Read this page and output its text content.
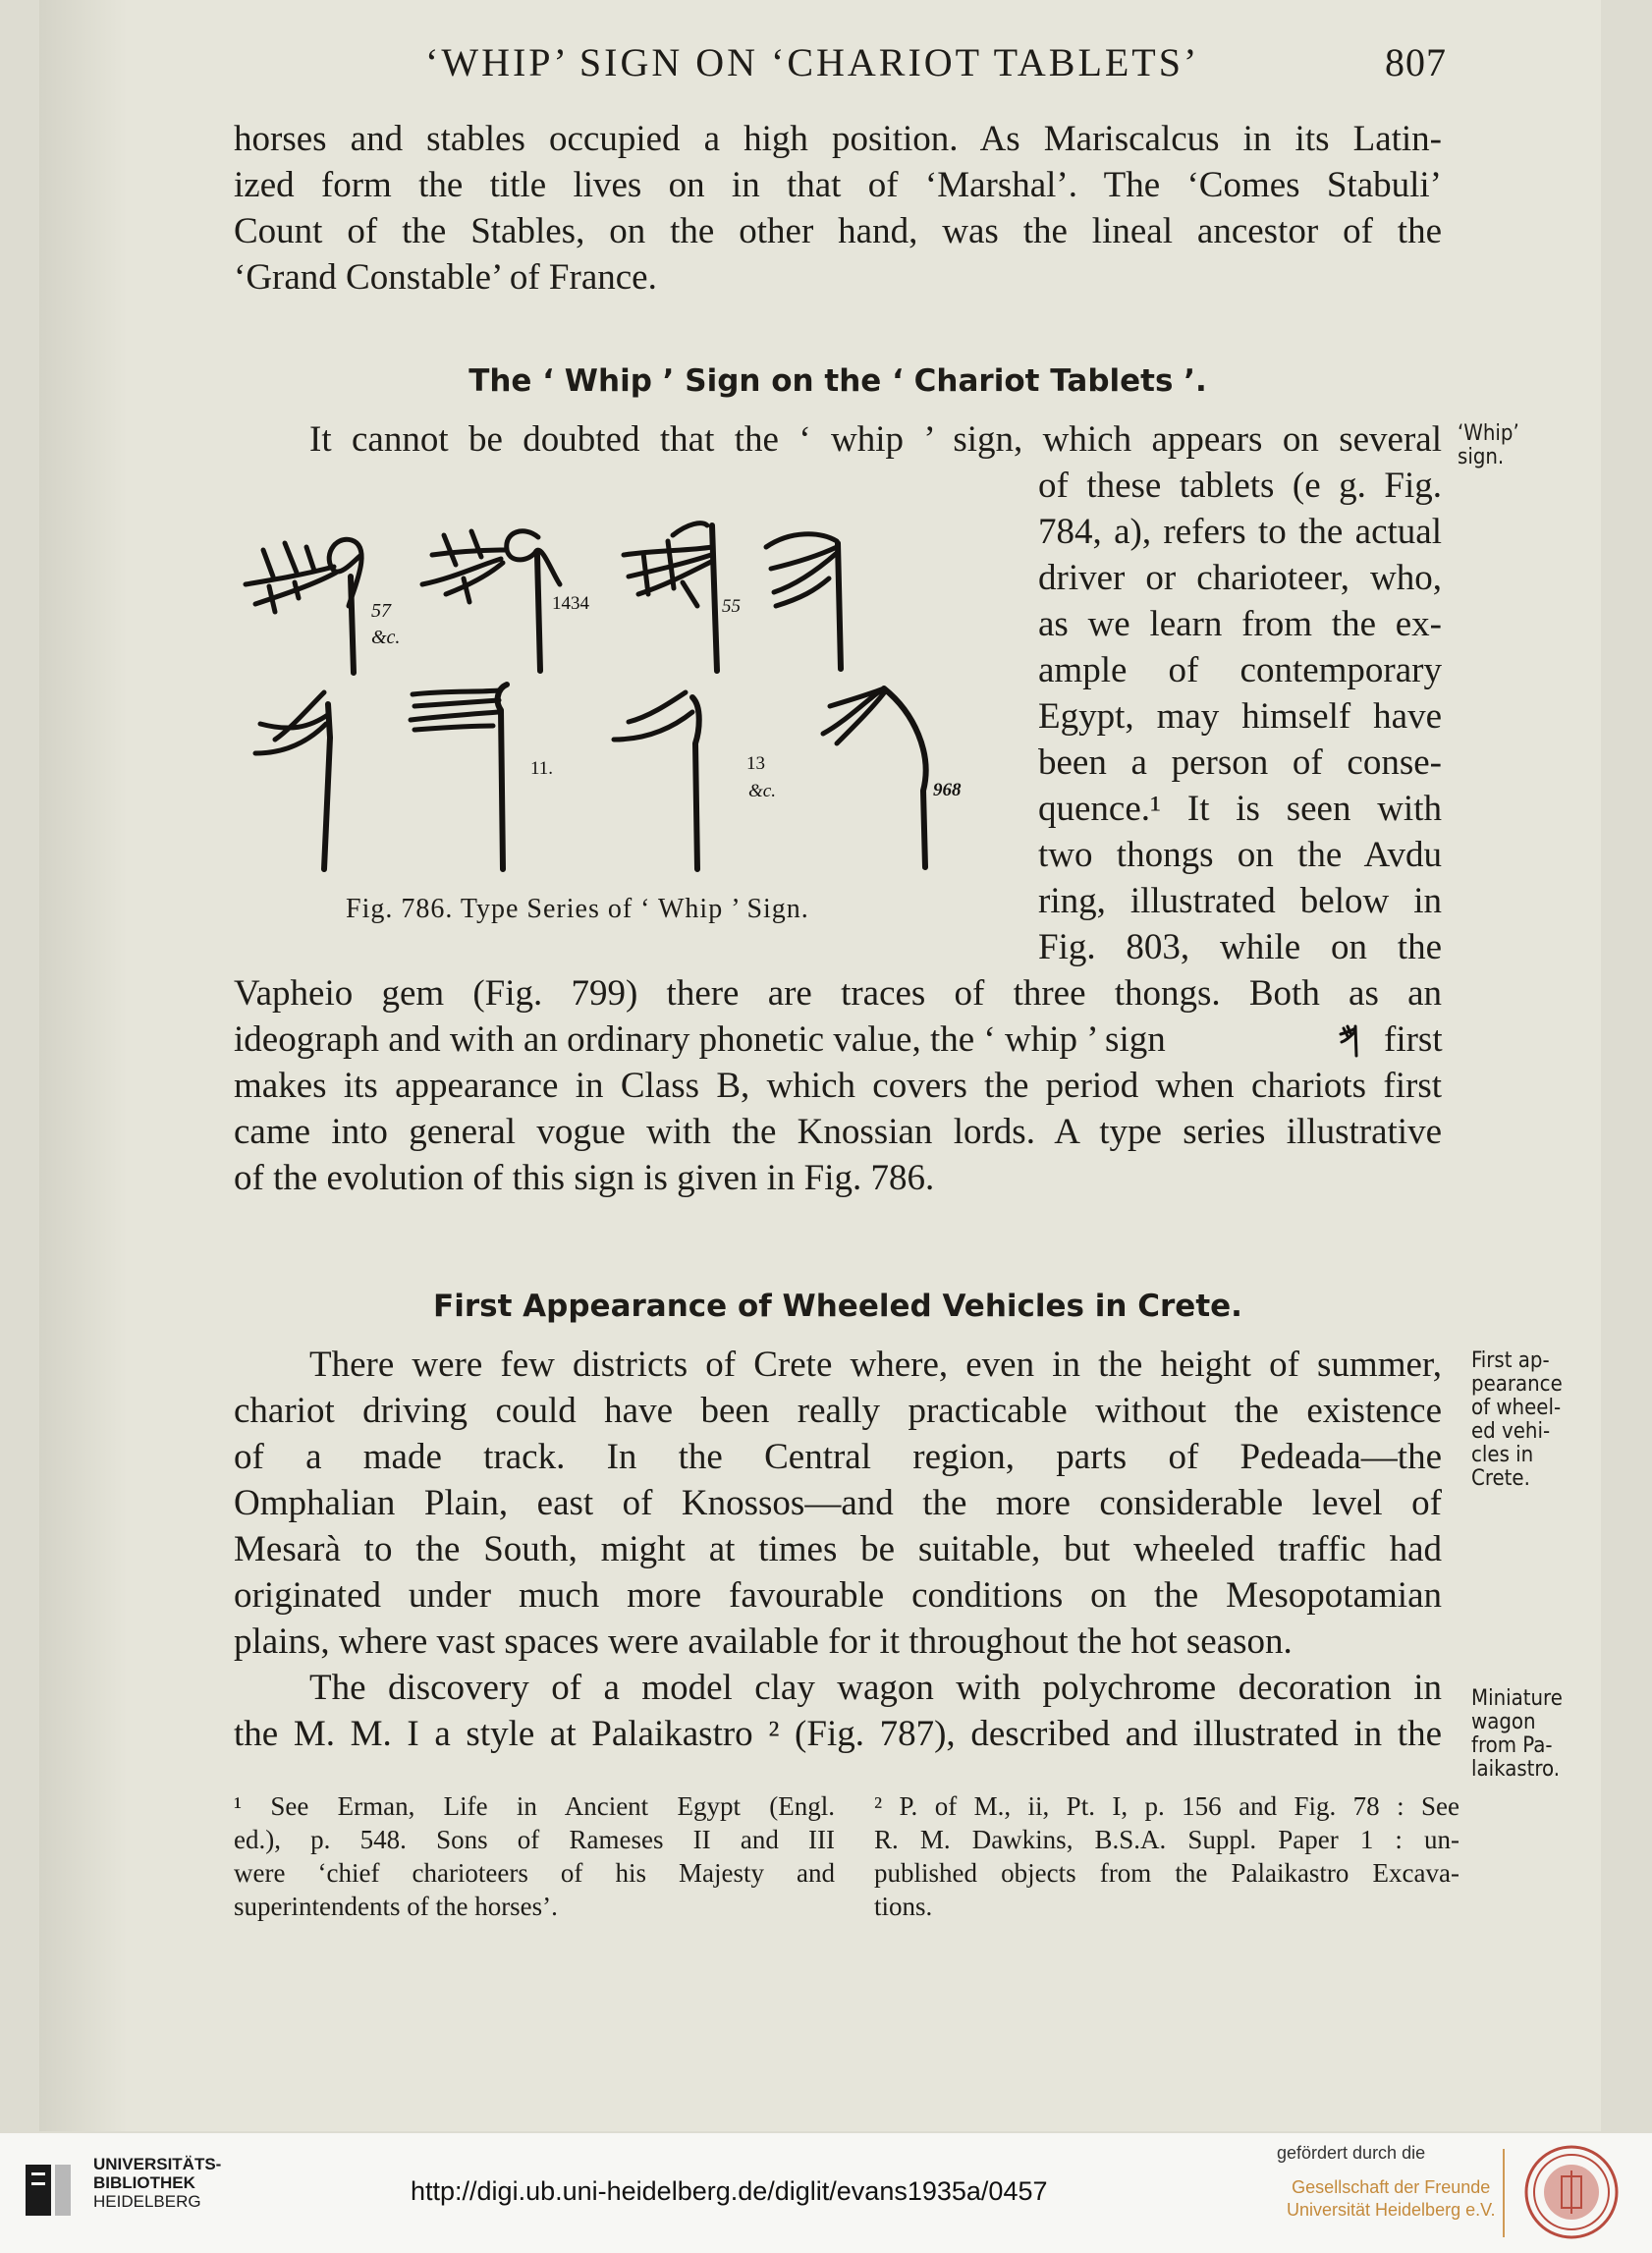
‘WHIP’ SIGN ON ‘CHARIOT TABLETS’	807
horses and stables occupied a high position. As Mariscalcus in its Latin-
ized form the title lives on in that of ‘Marshal’. The ‘Comes Stabuli’
Count of the Stables, on the other hand, was the lineal ancestor of the
‘Grand Constable’ of France.
The ‘ Whip ’ Sign on the ‘ Chariot Tablets ’.
‘Whip’
sign.
It cannot be doubted that the ‘ whip ’ sign, which appears on several
of these tablets (e g. Fig.
784, a), refers to the actual
driver or charioteer, who,
as we learn from the ex-
ample of contemporary
Egypt, may himself have
been a person of conse-
quence.¹ It is seen with
two thongs on the Avdu
ring, illustrated below in
Fig. 803, while on the
57
&c.
1434	55
11.	13
&c.	968
Fig. 786. Type Series of ‘ Whip ’ Sign.
Vapheio gem (Fig. 799) there are traces of three thongs. Both as an
ideograph and with an ordinary phonetic value, the ‘ whip ’ sign	first
makes its appearance in Class B, which covers the period when chariots first
came into general vogue with the Knossian lords. A type series illustrative
of the evolution of this sign is given in Fig. 786.
First Appearance of Wheeled Vehicles in Crete.
First ap-
pearance
of wheel-
ed vehi-
cles in
Crete.
Miniature
wagon
from Pa-
laikastro.
There were few districts of Crete where, even in the height of summer,
chariot driving could have been really practicable without the existence
of a made track. In the Central region, parts of Pedeada—the
Omphalian Plain, east of Knossos—and the more considerable level of
Mesarà to the South, might at times be suitable, but wheeled traffic had
originated under much more favourable conditions on the Mesopotamian
plains, where vast spaces were available for it throughout the hot season.
The discovery of a model clay wagon with polychrome decoration in
the M. M. I a style at Palaikastro ² (Fig. 787), described and illustrated in the
¹ See Erman, Life in Ancient Egypt (Engl.
ed.), p. 548. Sons of Rameses II and III
were ‘chief charioteers of his Majesty and
superintendents of the horses’.
² P. of M., ii, Pt. I, p. 156 and Fig. 78 : See
R. M. Dawkins, B.S.A. Suppl. Paper 1 : un-
published objects from the Palaikastro Excava-
tions.
UNIVERSITÄTS-
BIBLIOTHEK
HEIDELBERG	http://digi.ub.uni-heidelberg.de/diglit/evans1935a/0457
gefördert durch die
Gesellschaft der Freunde
Universität Heidelberg e.V.
